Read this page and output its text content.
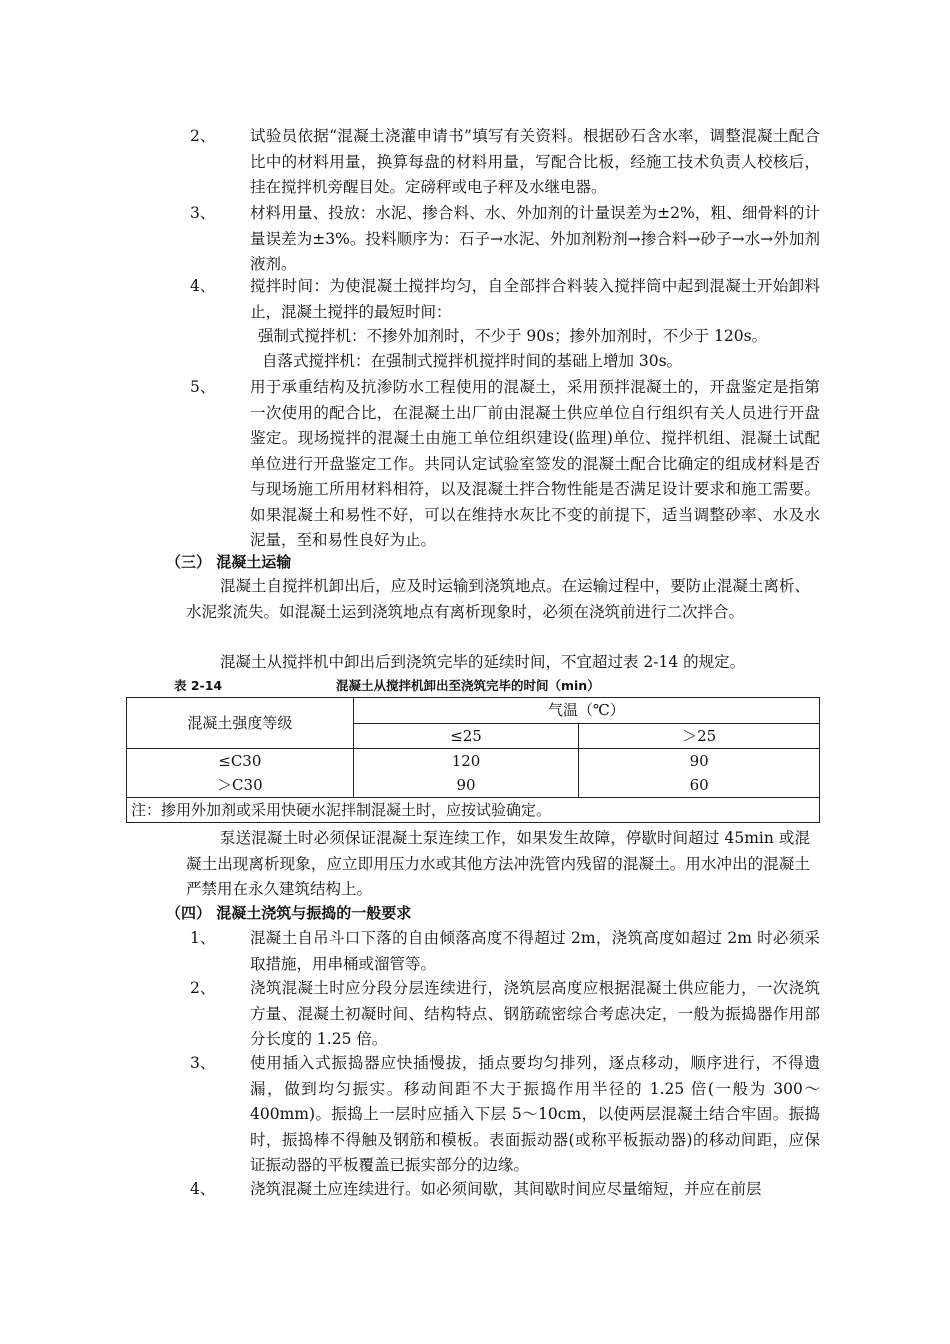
2、 试验员依据“混凝土浇灌申请书”填写有关资料。根据砂石含水率，调整混凝土配合比中的材料用量，换算每盘的材料用量，写配合比板，经施工技术负责人校核后，挂在搅拌机旁醒目处。定磅秤或电子秤及水继电器。
3、 材料用量、投放：水泥、掺合料、水、外加剂的计量误差为±2%，粗、细骨料的计量误差为±3%。投料顺序为：石子→水泥、外加剂粉剂→掺合料→砂子→水→外加剂液剂。
4、 搅拌时间：为使混凝土搅拌均匀，自全部拌合料装入搅拌筒中起到混凝土开始卸料止，混凝土搅拌的最短时间：
强制式搅拌机：不掺外加剂时，不少于 90s；掺外加剂时，不少于 120s。
自落式搅拌机：在强制式搅拌机搅拌时间的基础上增加 30s。
5、 用于承重结构及抗渗防水工程使用的混凝土，采用预拌混凝土的，开盘鉴定是指第一次使用的配合比，在混凝土出厂前由混凝土供应单位自行组织有关人员进行开盘鉴定。现场搅拌的混凝土由施工单位组织建设(监理)单位、搅拌机组、混凝土试配单位进行开盘鉴定工作。共同认定试验室签发的混凝土配合比确定的组成材料是否与现场施工所用材料相符，以及混凝土拌合物性能是否满足设计要求和施工需要。如果混凝土和易性不好，可以在维持水灰比不变的前提下，适当调整砂率、水及水泥量，至和易性良好为止。
（三） 混凝土运输
混凝土自搅拌机卸出后，应及时运输到浇筑地点。在运输过程中，要防止混凝土离析、水泥浆流失。如混凝土运到浇筑地点有离析现象时，必须在浇筑前进行二次拌合。
混凝土从搅拌机中卸出后到浇筑完毕的延续时间，不宜超过表 2-14 的规定。
表 2-14	混凝土从搅拌机卸出至浇筑完毕的时间（min）
混凝土强度等级	气温（℃）	
	≤25	＞25
≤C30	120	90
＞C30	90	60
注：掺用外加剂或采用快硬水泥拌制混凝土时，应按试验确定。		
泵送混凝土时必须保证混凝土泵连续工作，如果发生故障，停歇时间超过 45min 或混凝土出现离析现象，应立即用压力水或其他方法冲洗管内残留的混凝土。用水冲出的混凝土严禁用在永久建筑结构上。
（四） 混凝土浇筑与振捣的一般要求
1、 混凝土自吊斗口下落的自由倾落高度不得超过 2m，浇筑高度如超过 2m 时必须采取措施，用串桶或溜管等。
2、 浇筑混凝土时应分段分层连续进行，浇筑层高度应根据混凝土供应能力，一次浇筑方量、混凝土初凝时间、结构特点、钢筋疏密综合考虑决定，一般为振捣器作用部分长度的 1.25 倍。
3、 使用插入式振捣器应快插慢拔，插点要均匀排列，逐点移动，顺序进行，不得遗漏，做到均匀振实。移动间距不大于振捣作用半径的 1.25 倍(一般为 300～400mm)。振捣上一层时应插入下层 5～10cm，以使两层混凝土结合牢固。振捣时，振捣棒不得触及钢筋和模板。表面振动器(或称平板振动器)的移动间距，应保证振动器的平板覆盖已振实部分的边缘。
4、 浇筑混凝土应连续进行。如必须间歇，其间歇时间应尽量缩短，并应在前层
